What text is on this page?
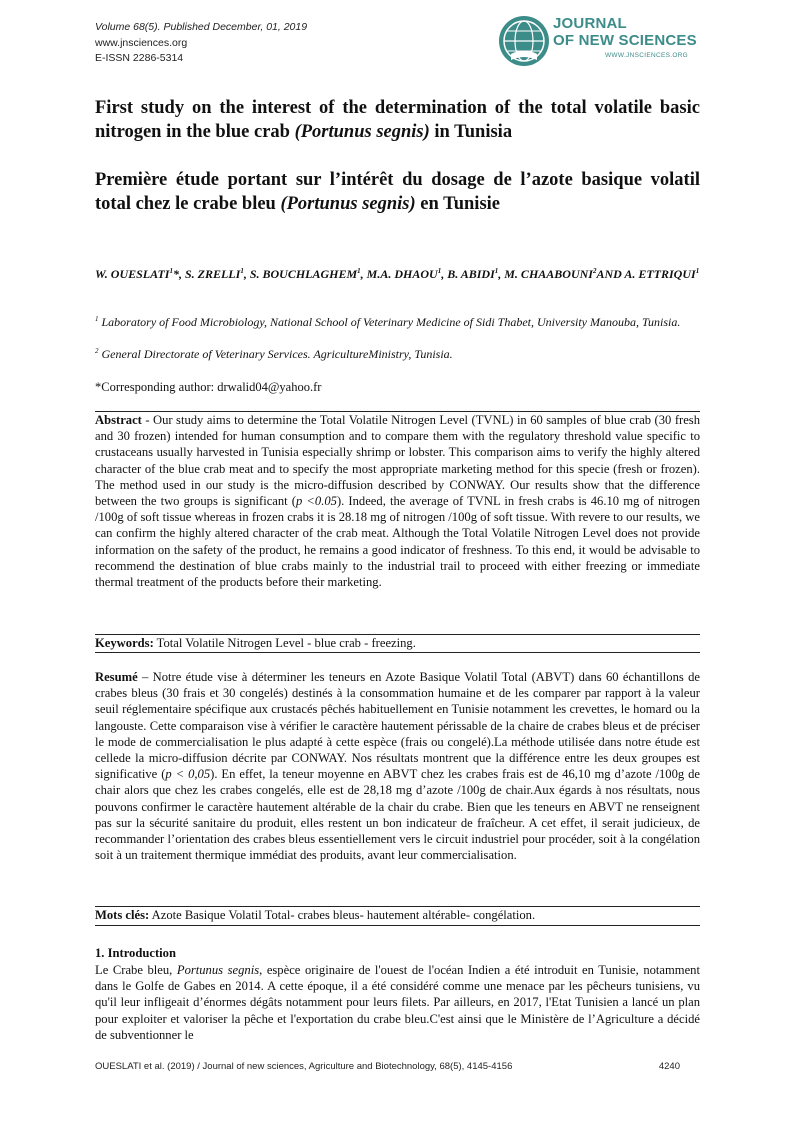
Volume 68(5). Published December, 01, 2019
www.jnsciences.org
E-ISSN 2286-5314
JOURNAL
OF NEW SCIENCES
WWW.JNSCIENCES.ORG
First study on the interest of the determination of the total volatile basic nitrogen in the blue crab (Portunus segnis) in Tunisia
Première étude portant sur l’intérêt du dosage de l’azote basique volatil total chez le crabe bleu (Portunus segnis) en Tunisie
W. OUESLATI$^1$*, S. ZRELLI$^1$, S. BOUCHLAGHEM$^1$, M.A. DHAOU$^1$, B. ABIDI$^1$, M. CHAABOUNI$^2$AND A. ETTRIQUI$^1$
$^1$ Laboratory of Food Microbiology, National School of Veterinary Medicine of Sidi Thabet, University Manouba, Tunisia.
$^2$ General Directorate of Veterinary Services. AgricultureMinistry, Tunisia.
*Corresponding author: drwalid04@yahoo.fr
Abstract - Our study aims to determine the Total Volatile Nitrogen Level (TVNL) in 60 samples of blue crab (30 fresh and 30 frozen) intended for human consumption and to compare them with the regulatory threshold value specific to crustaceans usually harvested in Tunisia especially shrimp or lobster. This comparison aims to verify the highly altered character of the blue crab meat and to specify the most appropriate marketing method for this specie (fresh or frozen). The method used in our study is the micro-diffusion described by CONWAY. Our results show that the difference between the two groups is significant (p <0.05). Indeed, the average of TVNL in fresh crabs is 46.10 mg of nitrogen /100g of soft tissue whereas in frozen crabs it is 28.18 mg of nitrogen /100g of soft tissue. With revere to our results, we can confirm the highly altered character of the crab meat. Although the Total Volatile Nitrogen Level does not provide information on the safety of the product, he remains a good indicator of freshness. To this end, it would be advisable to recommend the destination of blue crabs mainly to the industrial trail to proceed with either freezing or immediate thermal treatment of the products before their marketing.
Keywords: Total Volatile Nitrogen Level - blue crab - freezing.
Resumé – Notre étude vise à déterminer les teneurs en Azote Basique Volatil Total (ABVT) dans 60 échantillons de crabes bleus (30 frais et 30 congelés) destinés à la consommation humaine et de les comparer par rapport à la valeur seuil réglementaire spécifique aux crustacés pêchés habituellement en Tunisie notamment les crevettes, le homard ou la langouste. Cette comparaison vise à vérifier le caractère hautement périssable de la chaire de crabes bleus et de préciser le mode de commercialisation le plus adapté à cette espèce (frais ou congelé).La méthode utilisée dans notre étude est cellede la micro-diffusion décrite par CONWAY. Nos résultats montrent que la différence entre les deux groupes est significative (p < 0,05). En effet, la teneur moyenne en ABVT chez les crabes frais est de 46,10 mg d’azote /100g de chair alors que chez les crabes congelés, elle est de 28,18 mg d’azote /100g de chair.Aux égards à nos résultats, nous pouvons confirmer le caractère hautement altérable de la chair du crabe. Bien que les teneurs en ABVT ne renseignent pas sur la sécurité sanitaire du produit, elles restent un bon indicateur de fraîcheur. A cet effet, il serait judicieux, de recommander l’orientation des crabes bleus essentiellement vers le circuit industriel pour procéder, soit à la congélation soit à un traitement thermique immédiat des produits, avant leur commercialisation.
Mots clés: Azote Basique Volatil Total- crabes bleus- hautement altérable- congélation.
1. Introduction
Le Crabe bleu, Portunus segnis, espèce originaire de l'ouest de l'océan Indien a été introduit en Tunisie, notamment dans le Golfe de Gabes en 2014. A cette époque, il a été considéré comme une menace par les pêcheurs tunisiens, vu qu'il leur infligeait d’énormes dégâts notamment pour leurs filets. Par ailleurs, en 2017, l'Etat Tunisien a lancé un plan pour exploiter et valoriser la pêche et l'exportation du crabe bleu.C'est ainsi que le Ministère de l’Agriculture a décidé de subventionner le
OUESLATI et al. (2019) / Journal of new sciences, Agriculture and Biotechnology, 68(5), 4145-4156	4240
